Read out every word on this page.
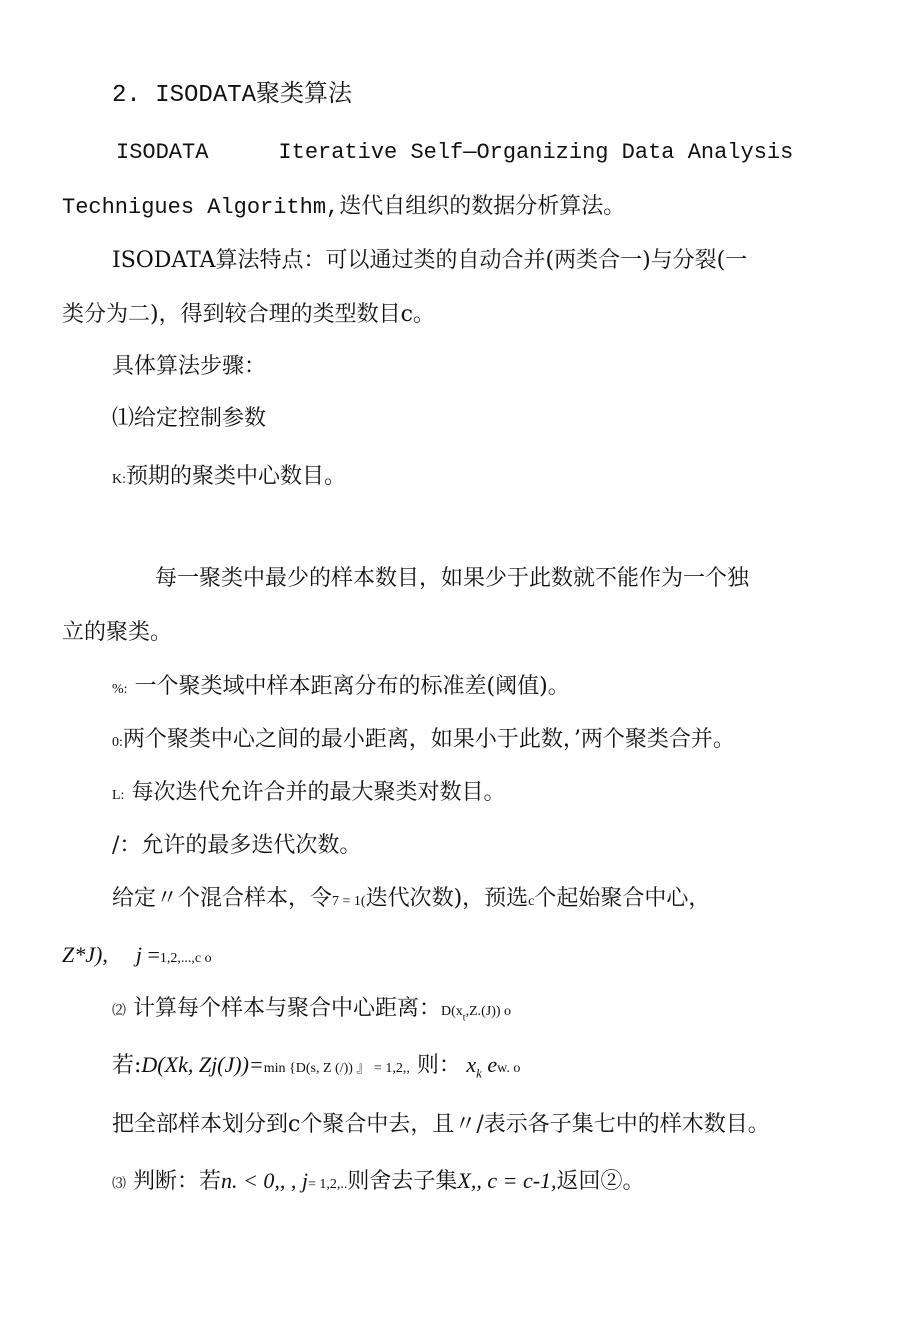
2. ISODATA聚类算法
ISODATA	Iterative Self—Organizing Data Analysis
Technigues Algorithm,迭代自组织的数据分析算法。
ISODATA算法特点：可以通过类的自动合并(两类合一)与分裂(一
类分为二)，得到较合理的类型数目c。
具体算法步骤：
⑴给定控制参数
K:预期的聚类中心数目。
每一聚类中最少的样本数目，如果少于此数就不能作为一个独
立的聚类。
%: 一个聚类域中样本距离分布的标准差(阈值)。
0:两个聚类中心之间的最小距离，如果小于此数，’两个聚类合并。
L: 每次迭代允许合并的最大聚类对数目。
/：允许的最多迭代次数。
给定〃个混合样本，令7 = 1(迭代次数)，预选c个起始聚合中心，
Z*J), j =1,2,...,c o
⑵ 计算每个样本与聚合中心距离：$D(x_t,Z.(J))$ o
若:D(Xk, Zj(J))=min {D(s, Z (/)) 』 = 1,2,, 则： $x_k$ ew. o
把全部样本划分到c个聚合中去，且〃/表示各子集七中的样木数目。
⑶ 判断：若n. < 0,, , j= 1,2,..则舍去子集X,, c = c-1,返回②。
